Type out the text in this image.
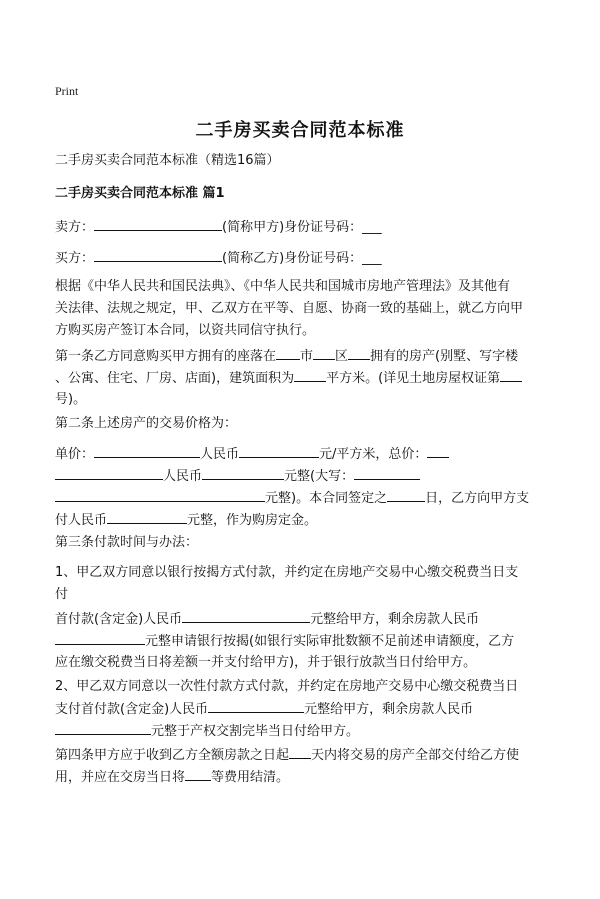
Print
二手房买卖合同范本标准
二手房买卖合同范本标准（精选16篇）
二手房买卖合同范本标准 篇1
卖方：	(简称甲方)身份证号码：___
买方：	(简称乙方)身份证号码：___
根据《中华人民共和国民法典》、《中华人民共和国城市房地产管理法》及其他有
关法律、法规之规定，甲、乙双方在平等、自愿、协商一致的基础上，就乙方向甲
方购买房产签订本合同，以资共同信守执行。
第一条乙方同意购买甲方拥有的座落在 市 区 拥有的房产(别墅、写字楼
、公寓、住宅、厂房、店面)，建筑面积为 平方米。(详见土地房屋权证第
号)。
第二条上述房产的交易价格为：
单价：	人民币	元/平方米，总价：
人民币	元整(大写：
元整)。本合同签定之	日，乙方向甲方支
付人民币	元整，作为购房定金。
第三条付款时间与办法：
1、甲乙双方同意以银行按揭方式付款，并约定在房地产交易中心缴交税费当日支
付
首付款(含定金)人民币	元整给甲方，剩余房款人民币
元整申请银行按揭(如银行实际审批数额不足前述申请额度，乙方
应在缴交税费当日将差额一并支付给甲方)，并于银行放款当日付给甲方。
2、甲乙双方同意以一次性付款方式付款，并约定在房地产交易中心缴交税费当日
支付首付款(含定金)人民币	元整给甲方，剩余房款人民币
元整于产权交割完毕当日付给甲方。
第四条甲方应于收到乙方全额房款之日起 天内将交易的房产全部交付给乙方使
用，并应在交房当日将 等费用结清。
